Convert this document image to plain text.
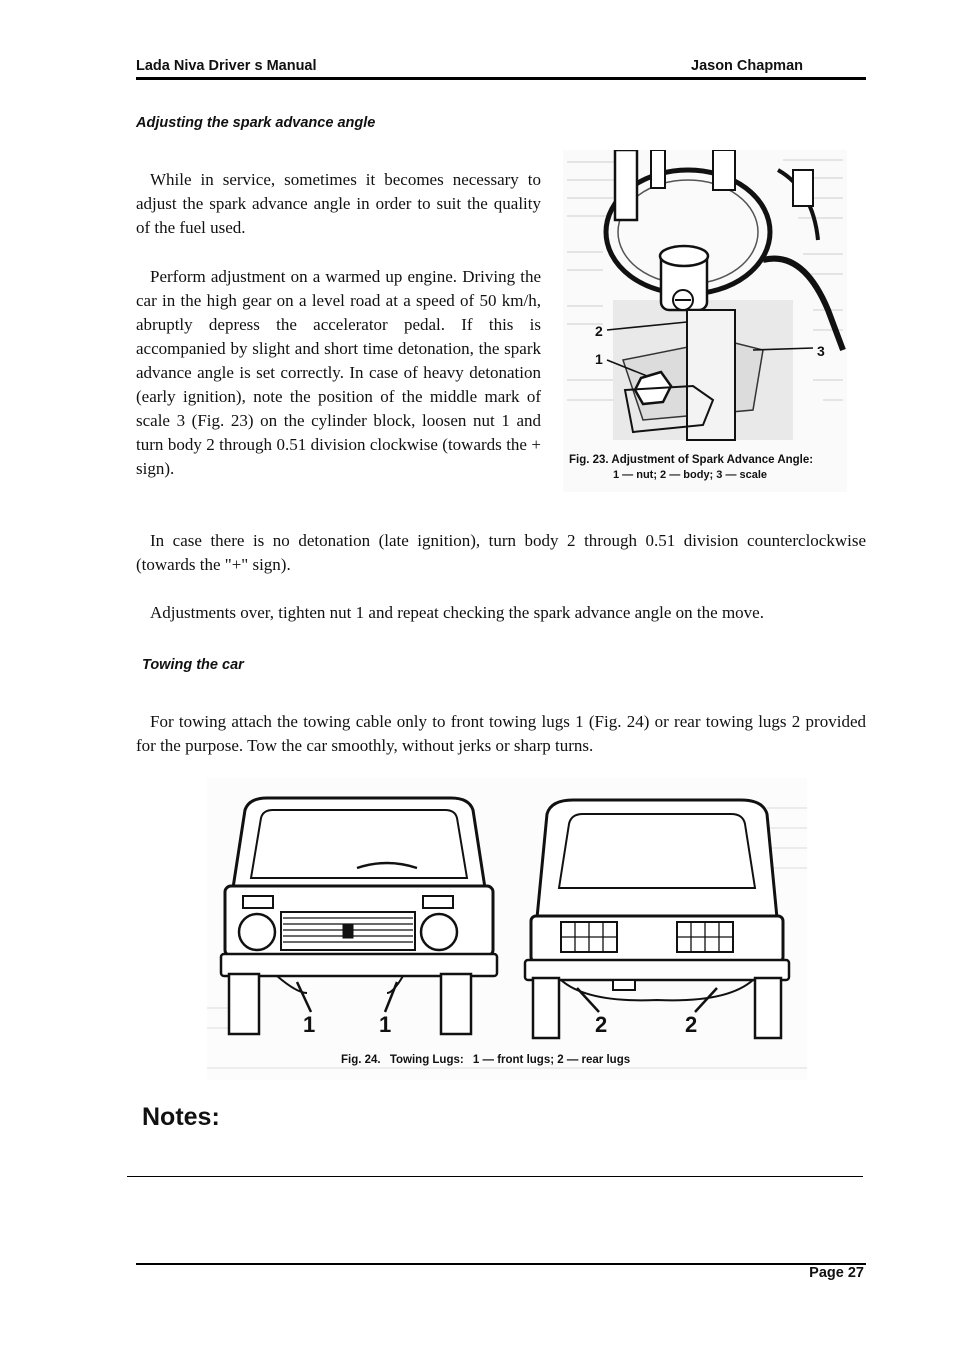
Lada Niva Driver s Manual	Jason Chapman
Adjusting the spark advance angle

While in service, sometimes it becomes necessary to adjust the spark advance angle in order to suit the quality of the fuel used.

Perform adjustment on a warmed up engine. Driving the car in the high gear on a level road at a speed of 50 km/h, abruptly depress the accelerator pedal. If this is accompanied by slight and short time detonation, the spark advance angle is set correctly. In case of heavy detonation (early ignition), note the position of the middle mark of scale 3 (Fig. 23) on the cylinder block, loosen nut 1 and turn body 2 through 0.51 division clockwise (towards the + sign).

2
1	3
Fig. 23. Adjustment of Spark Advance Angle:
1 — nut; 2 — body; 3 — scale

In case there is no detonation (late ignition), turn body 2 through 0.51 division counterclockwise (towards the "+" sign).

Adjustments over, tighten nut 1 and repeat checking the spark advance angle on the move.

Towing the car

For towing attach the towing cable only to front towing lugs 1 (Fig. 24) or rear towing lugs 2 provided for the purpose. Tow the car smoothly, without jerks or sharp turns.

1	1	2	2
Fig. 24. Towing Lugs: 1 — front lugs; 2 — rear lugs
Notes:
Page 27
